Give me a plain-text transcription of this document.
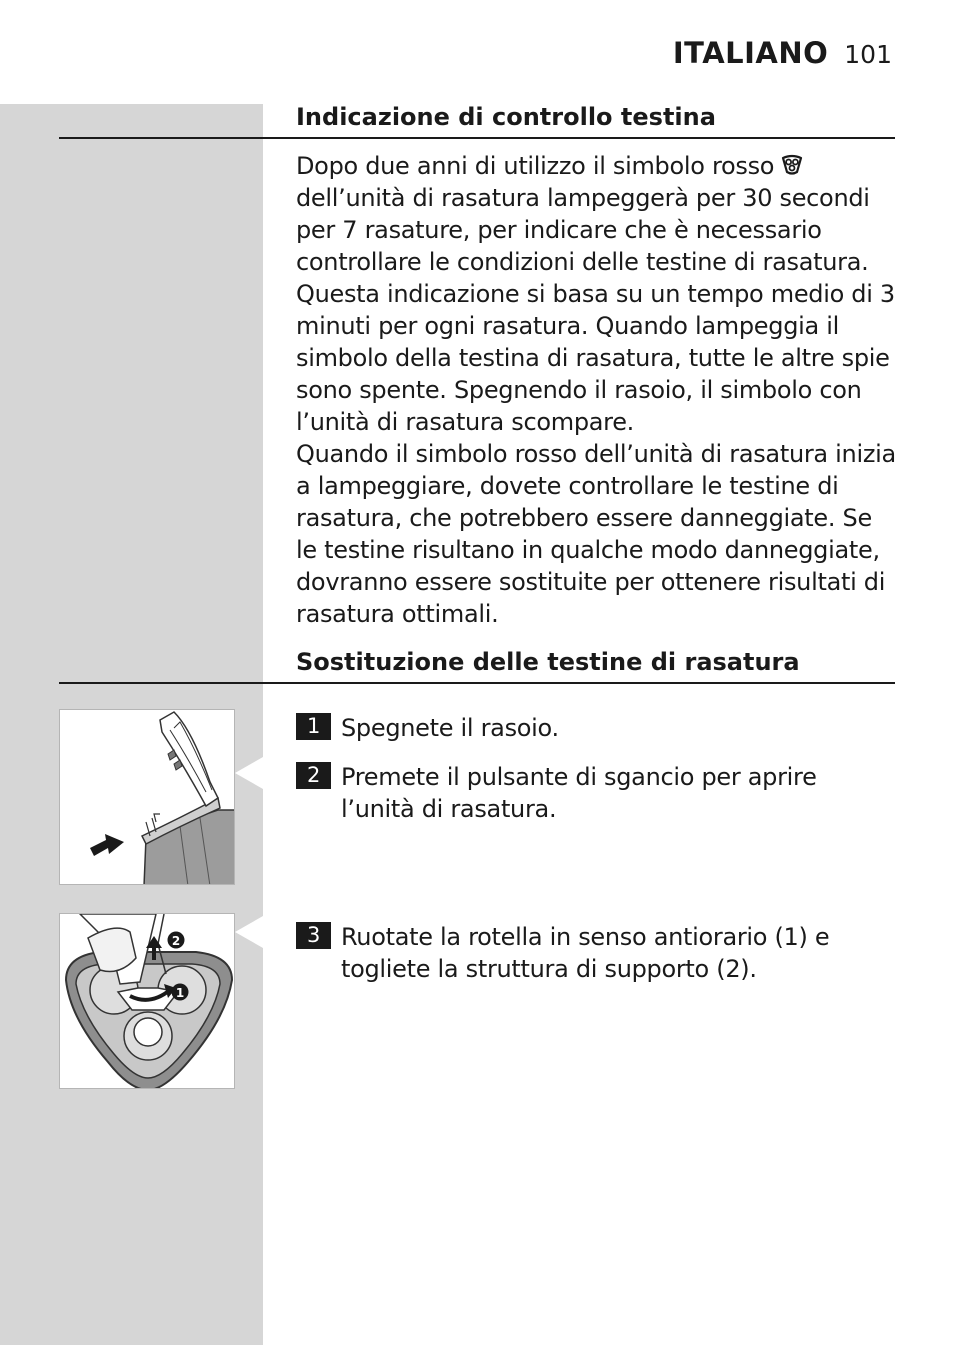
ITALIANO 101
Indicazione di controllo testina

Dopo due anni di utilizzo il simbolo rosso dell’unità di rasatura lampeggerà per 30 secondi per 7 rasature, per indicare che è necessario controllare le condizioni delle testine di rasatura. Questa indicazione si basa su un tempo medio di 3 minuti per ogni rasatura. Quando lampeggia il simbolo della testina di rasatura, tutte le altre spie sono spente. Spegnendo il rasoio, il simbolo con l’unità di rasatura scompare.

Quando il simbolo rosso dell’unità di rasatura inizia a lampeggiare, dovete controllare le testine di rasatura, che potrebbero essere danneggiate. Se le testine risultano in qualche modo danneggiate, dovranno essere sostituite per ottenere risultati di rasatura ottimali.

Sostituzione delle testine di rasatura
2
1
1 Spegnete il rasoio.
2 Premete il pulsante di sgancio per aprire l’unità di rasatura.
3 Ruotate la rotella in senso antiorario (1) e togliete la struttura di supporto (2).
